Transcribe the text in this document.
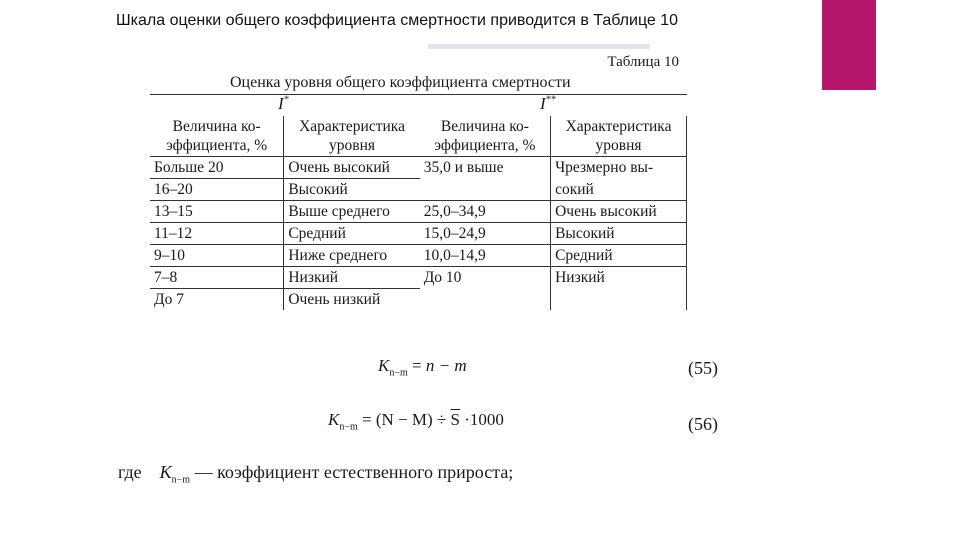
Шкала оценки общего коэффициента смертности приводится в Таблице 10
Таблица 10
Оценка уровня общего коэффициента смертности
I*	I**
Величина ко-эффициента, %	Характеристика уровня	Величина ко-эффициента, %	Характеристика уровня
Больше 20	Очень высокий	35,0 и выше	Чрезмерно вы-
16–20	Высокий		сокий
13–15	Выше среднего	25,0–34,9	Очень высокий
11–12	Средний	15,0–24,9	Высокий
9–10	Ниже среднего	10,0–14,9	Средний
7–8	Низкий	До 10	Низкий
До 7	Очень низкий		
$K_{n-m} = n - m$	(55)
$K_{n-m} = (N - M) \div \overline{S} \cdot 1000$	(56)
где $K_{n-m}$ — коэффициент естественного прироста;
